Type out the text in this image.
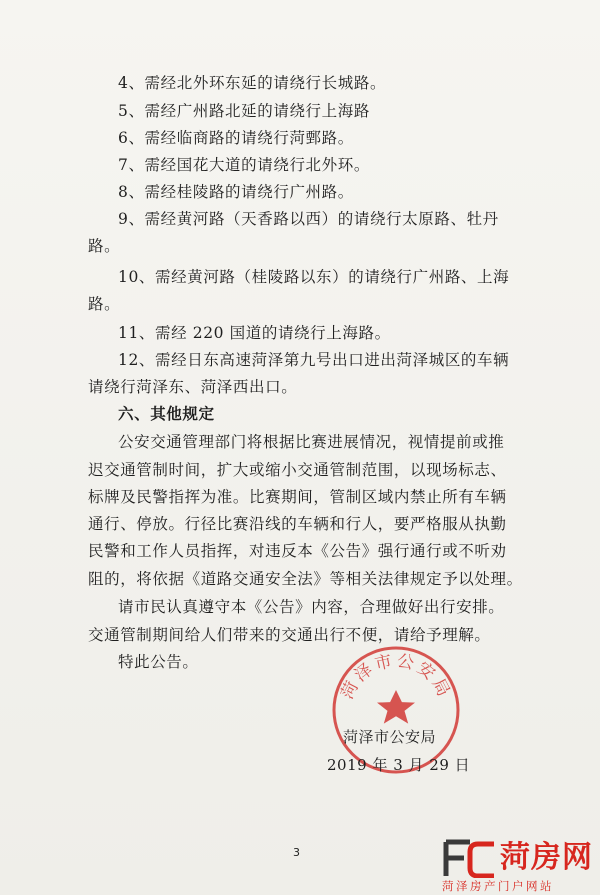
4、需经北外环东延的请绕行长城路。
5、需经广州路北延的请绕行上海路
6、需经临商路的请绕行菏鄄路。
7、需经国花大道的请绕行北外环。
8、需经桂陵路的请绕行广州路。
9、需经黄河路（天香路以西）的请绕行太原路、牡丹
路。
10、需经黄河路（桂陵路以东）的请绕行广州路、上海
路。
11、需经 220 国道的请绕行上海路。
12、需经日东高速菏泽第九号出口进出菏泽城区的车辆
请绕行菏泽东、菏泽西出口。
六、其他规定
公安交通管理部门将根据比赛进展情况，视情提前或推
迟交通管制时间，扩大或缩小交通管制范围，以现场标志、
标牌及民警指挥为准。比赛期间，管制区域内禁止所有车辆
通行、停放。行径比赛沿线的车辆和行人，要严格服从执勤
民警和工作人员指挥，对违反本《公告》强行通行或不听劝
阻的，将依据《道路交通安全法》等相关法律规定予以处理。
请市民认真遵守本《公告》内容，合理做好出行安排。
交通管制期间给人们带来的交通出行不便，请给予理解。
特此公告。
菏泽市公安局
菏泽市公安局
2019 年 3 月 29 日
3	菏房网
菏泽房产门户网站
